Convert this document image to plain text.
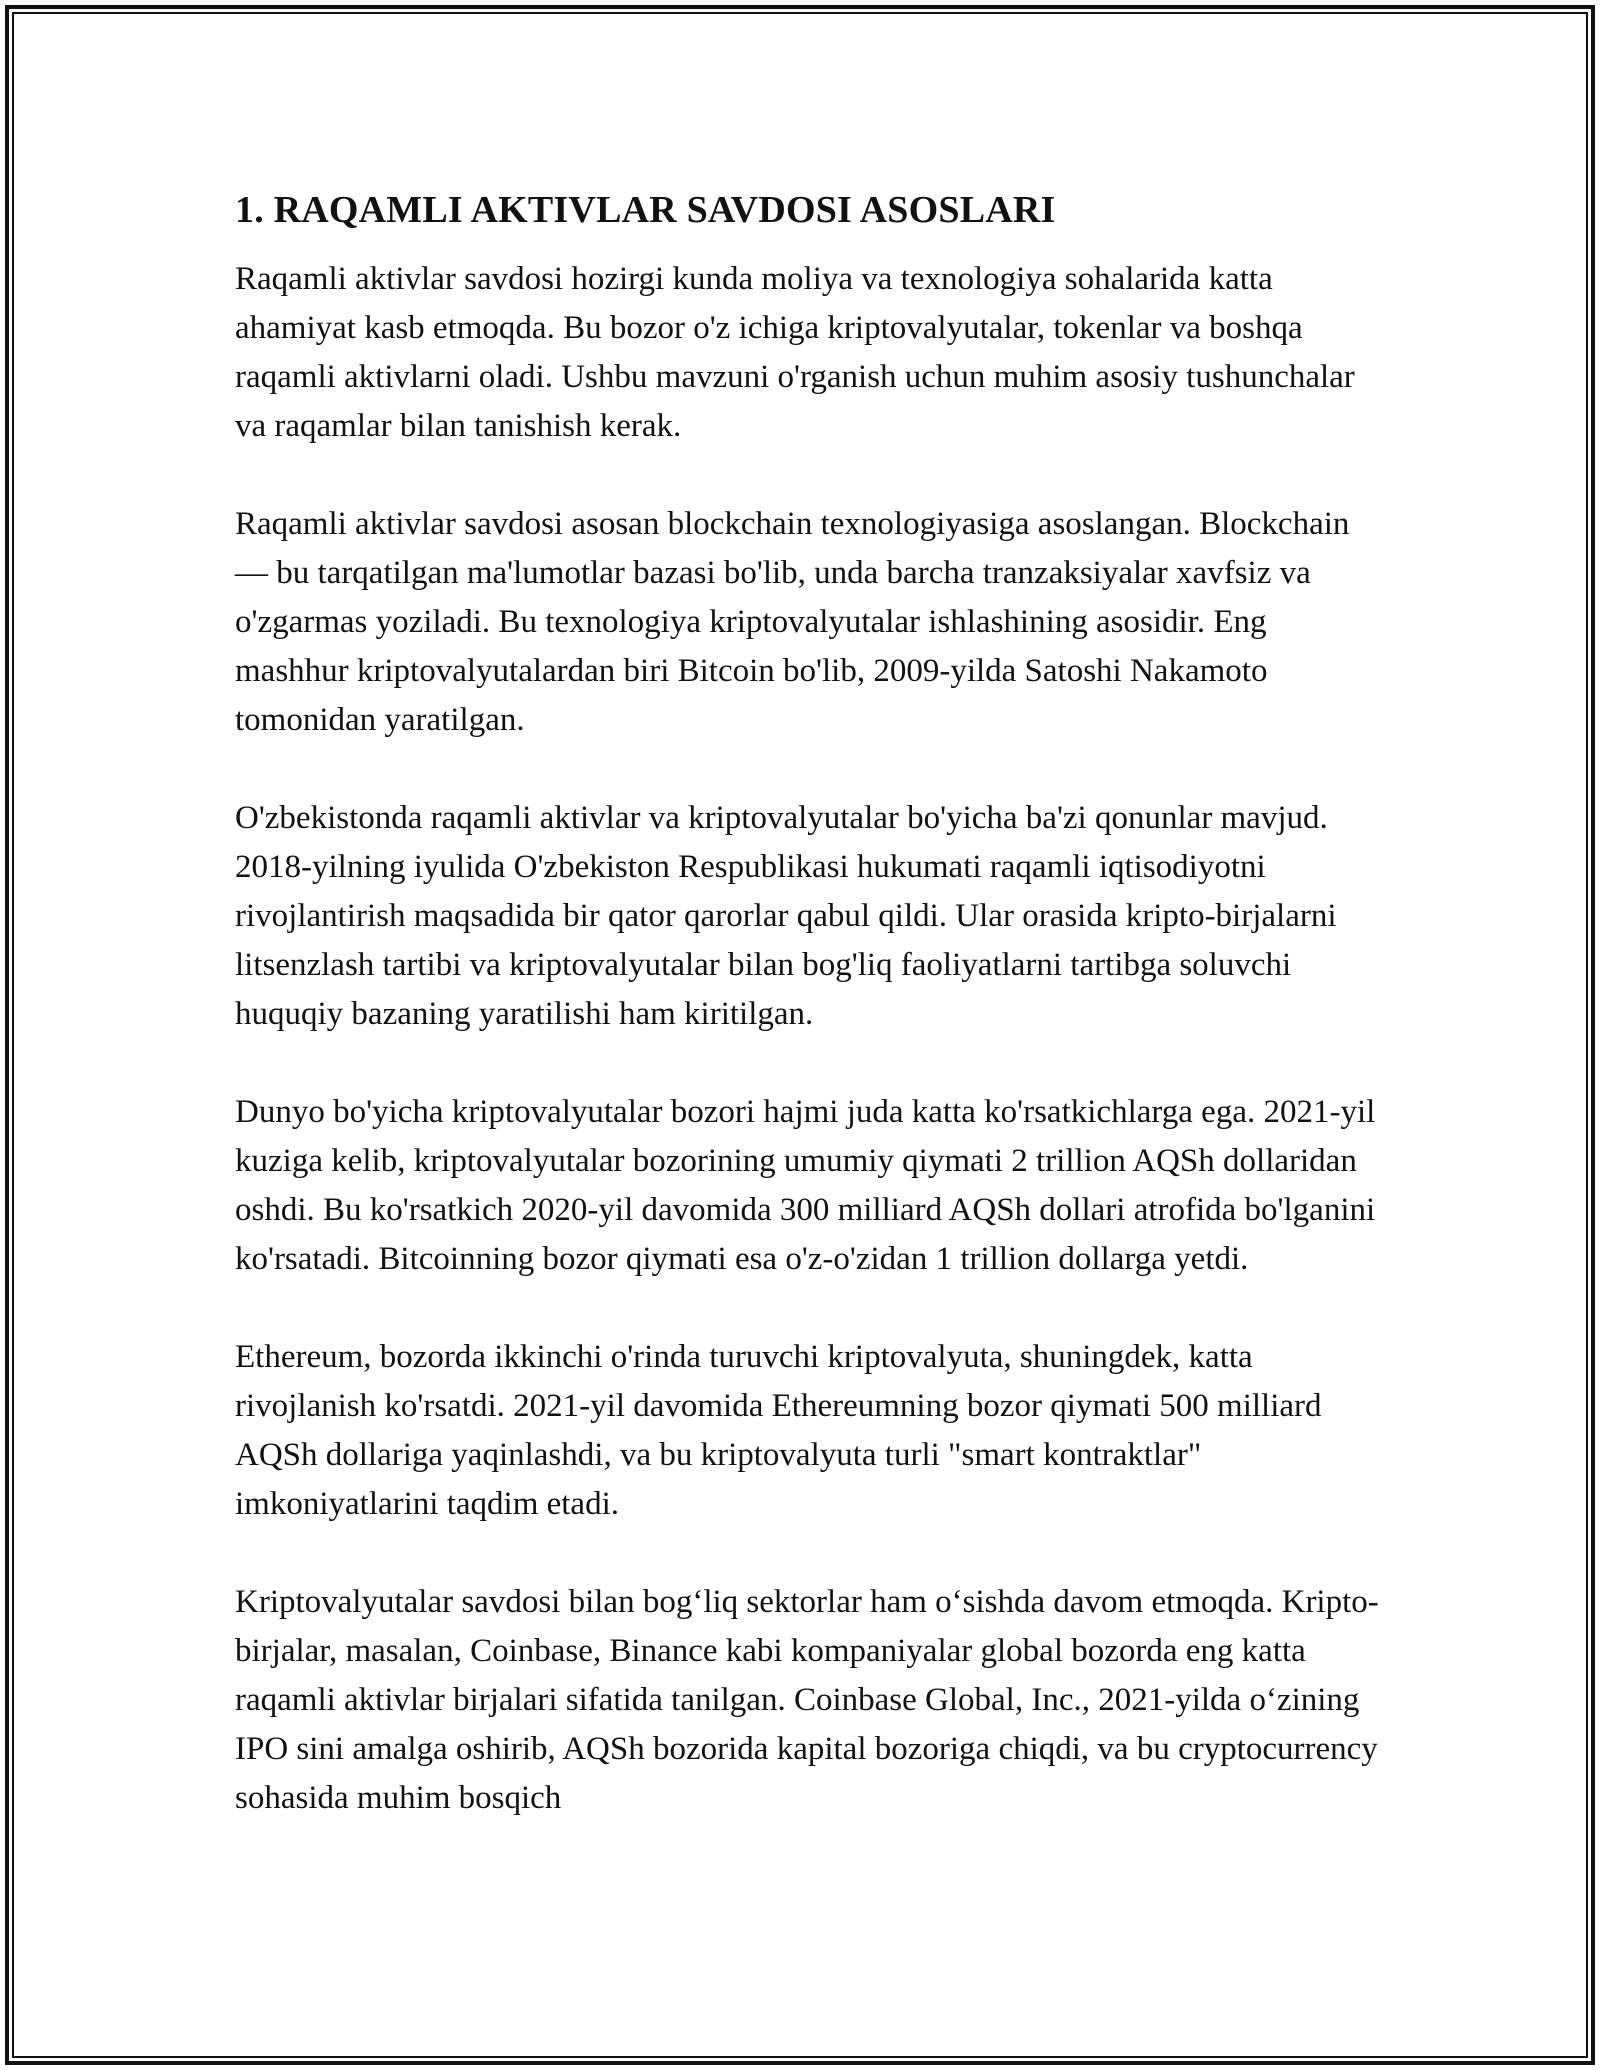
1. RAQAMLI AKTIVLAR SAVDOSI ASOSLARI

Raqamli aktivlar savdosi hozirgi kunda moliya va texnologiya sohalarida katta ahamiyat kasb etmoqda. Bu bozor o'z ichiga kriptovalyutalar, tokenlar va boshqa raqamli aktivlarni oladi. Ushbu mavzuni o'rganish uchun muhim asosiy tushunchalar va raqamlar bilan tanishish kerak.

Raqamli aktivlar savdosi asosan blockchain texnologiyasiga asoslangan. Blockchain — bu tarqatilgan ma'lumotlar bazasi bo'lib, unda barcha tranzaksiyalar xavfsiz va o'zgarmas yoziladi. Bu texnologiya kriptovalyutalar ishlashining asosidir. Eng mashhur kriptovalyutalardan biri Bitcoin bo'lib, 2009-yilda Satoshi Nakamoto tomonidan yaratilgan.

O'zbekistonda raqamli aktivlar va kriptovalyutalar bo'yicha ba'zi qonunlar mavjud. 2018-yilning iyulida O'zbekiston Respublikasi hukumati raqamli iqtisodiyotni rivojlantirish maqsadida bir qator qarorlar qabul qildi. Ular orasida kripto-birjalarni litsenzlash tartibi va kriptovalyutalar bilan bog'liq faoliyatlarni tartibga soluvchi huquqiy bazaning yaratilishi ham kiritilgan.

Dunyo bo'yicha kriptovalyutalar bozori hajmi juda katta ko'rsatkichlarga ega. 2021-yil kuziga kelib, kriptovalyutalar bozorining umumiy qiymati 2 trillion AQSh dollaridan oshdi. Bu ko'rsatkich 2020-yil davomida 300 milliard AQSh dollari atrofida bo'lganini ko'rsatadi. Bitcoinning bozor qiymati esa o'z-o'zidan 1 trillion dollarga yetdi.

Ethereum, bozorda ikkinchi o'rinda turuvchi kriptovalyuta, shuningdek, katta rivojlanish ko'rsatdi. 2021-yil davomida Ethereumning bozor qiymati 500 milliard AQSh dollariga yaqinlashdi, va bu kriptovalyuta turli "smart kontraktlar" imkoniyatlarini taqdim etadi.

Kriptovalyutalar savdosi bilan bog‘liq sektorlar ham o‘sishda davom etmoqda. Kripto-birjalar, masalan, Coinbase, Binance kabi kompaniyalar global bozorda eng katta raqamli aktivlar birjalari sifatida tanilgan. Coinbase Global, Inc., 2021-yilda o‘zining IPO sini amalga oshirib, AQSh bozorida kapital bozoriga chiqdi, va bu cryptocurrency sohasida muhim bosqich
